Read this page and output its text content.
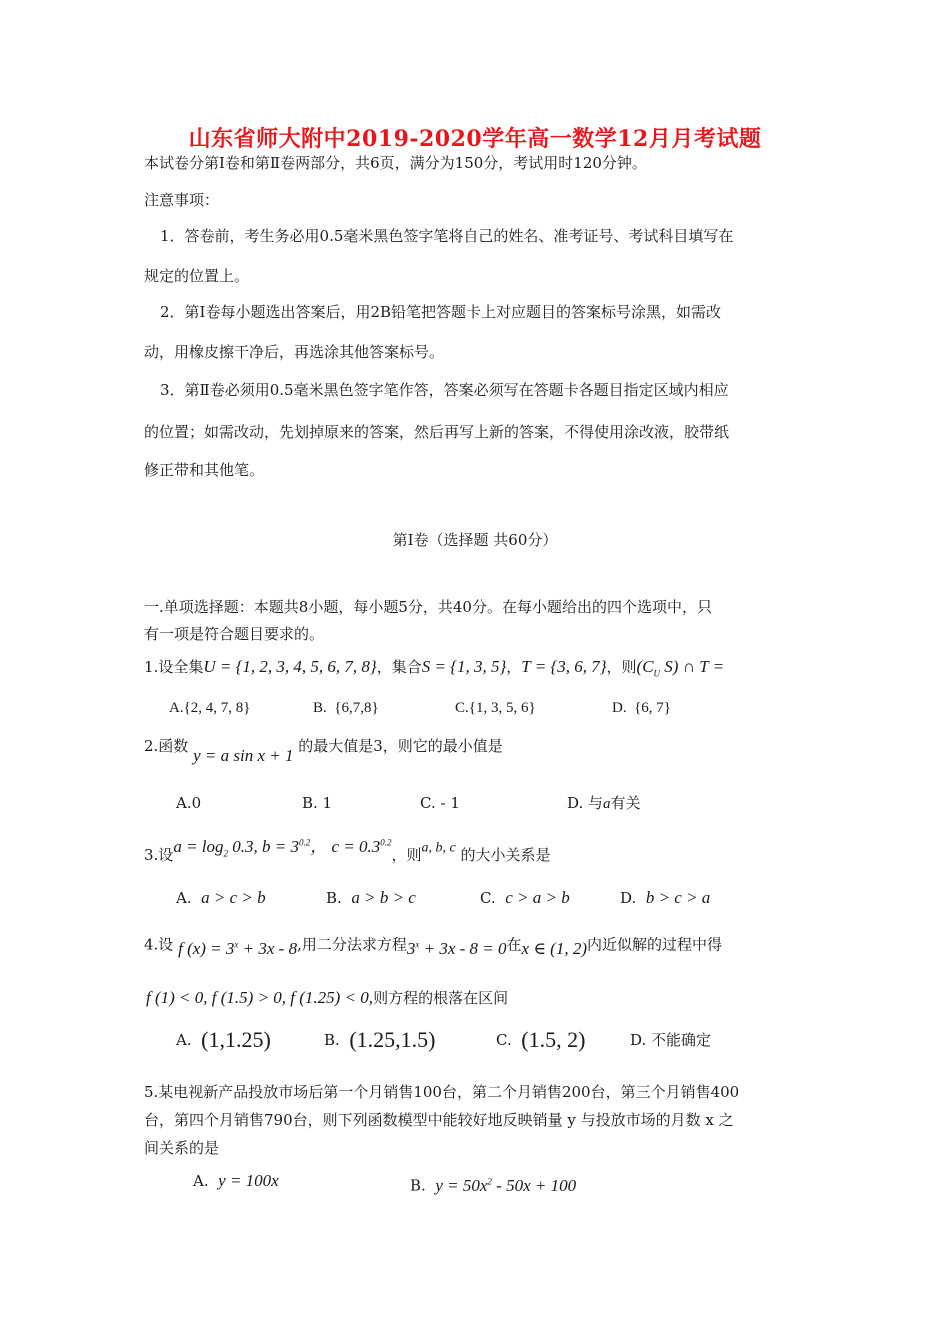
山东省师大附中2019-2020学年高一数学12月月考试题
本试卷分第Ⅰ卷和第Ⅱ卷两部分，共6页，满分为150分，考试用时120分钟。
注意事项：
1．答卷前，考生务必用0.5毫米黑色签字笔将自己的姓名、准考证号、考试科目填写在
规定的位置上。
2．第Ⅰ卷每小题选出答案后，用2B铅笔把答题卡上对应题目的答案标号涂黑，如需改
动，用橡皮擦干净后，再选涂其他答案标号。
3．第Ⅱ卷必须用0.5毫米黑色签字笔作答，答案必须写在答题卡各题目指定区域内相应
的位置；如需改动，先划掉原来的答案，然后再写上新的答案，不得使用涂改液，胶带纸
修正带和其他笔。
第Ⅰ卷（选择题 共60分）
一.单项选择题：本题共8小题，每小题5分，共40分。在每小题给出的四个选项中，只
有一项是符合题目要求的。
1.设全集U = {1, 2, 3, 4, 5, 6, 7, 8}，集合S = {1, 3, 5}，T = {3, 6, 7}，则($C_U$ S) ∩ T =
A.{2, 4, 7, 8}	B. {6,7,8}	C.{1, 3, 5, 6}	D. {6, 7}
2.函数 y = a sin x + 1 的最大值是3，则它的最小值是
A.0	B. 1	C. - 1	D. 与a有关
3.设$a = \log_2 0.3$, $b = 3^{0.2}$， $c = 0.3^{0.2}$，则a, b, c 的大小关系是
A. a > c > b	B. a > b > c	C. c > a > b	D. b > c > a
4.设 f $(x) = 3^x + 3x - 8$,用二分法求方程$3^x + 3x - 8 = 0$在x ∈ (1, 2)内近似解的过程中得
f (1) < 0, f (1.5) > 0, f (1.25) < 0,则方程的根落在区间
A. (1,1.25)	B. (1.25,1.5)	C. (1.5, 2)	D. 不能确定
5.某电视新产品投放市场后第一个月销售100台，第二个月销售200台，第三个月销售400
台，第四个月销售790台，则下列函数模型中能较好地反映销量 y 与投放市场的月数 x 之
间关系的是
A. y = 100x	B. $y = 50x^2 - 50x + 100$
